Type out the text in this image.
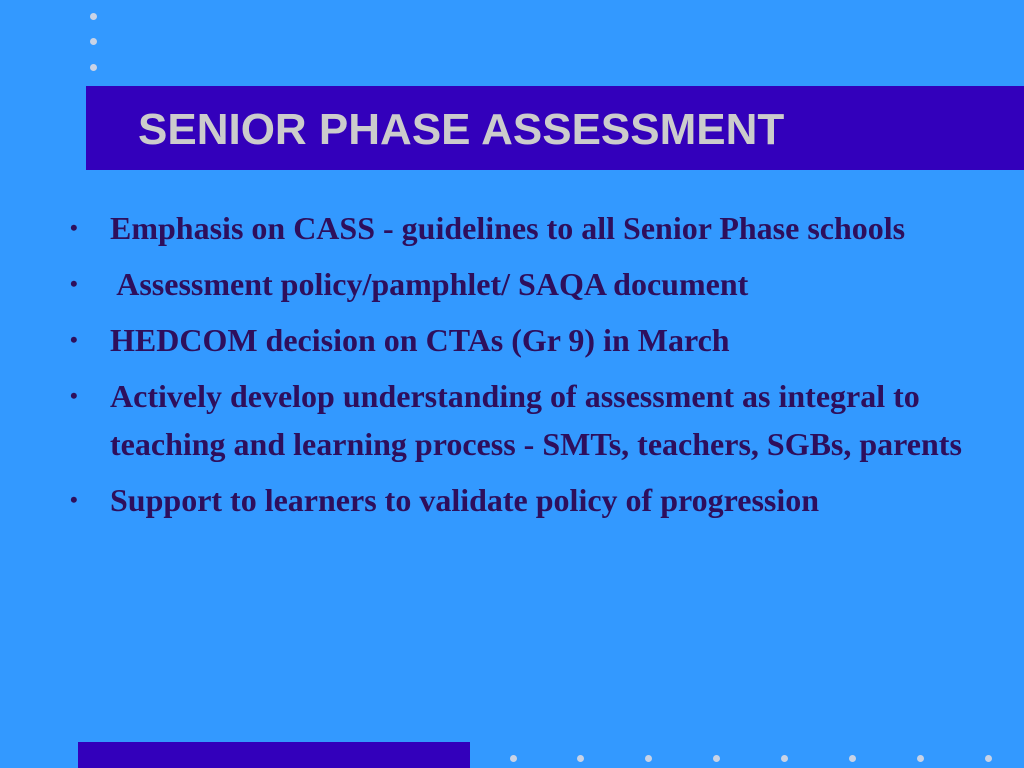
SENIOR PHASE ASSESSMENT
• Emphasis on CASS - guidelines to all Senior Phase schools
• Assessment policy/pamphlet/ SAQA document
• HEDCOM decision on CTAs (Gr 9) in March
• Actively develop understanding of assessment as integral to teaching and learning process - SMTs, teachers, SGBs, parents
• Support to learners to validate policy of progression
